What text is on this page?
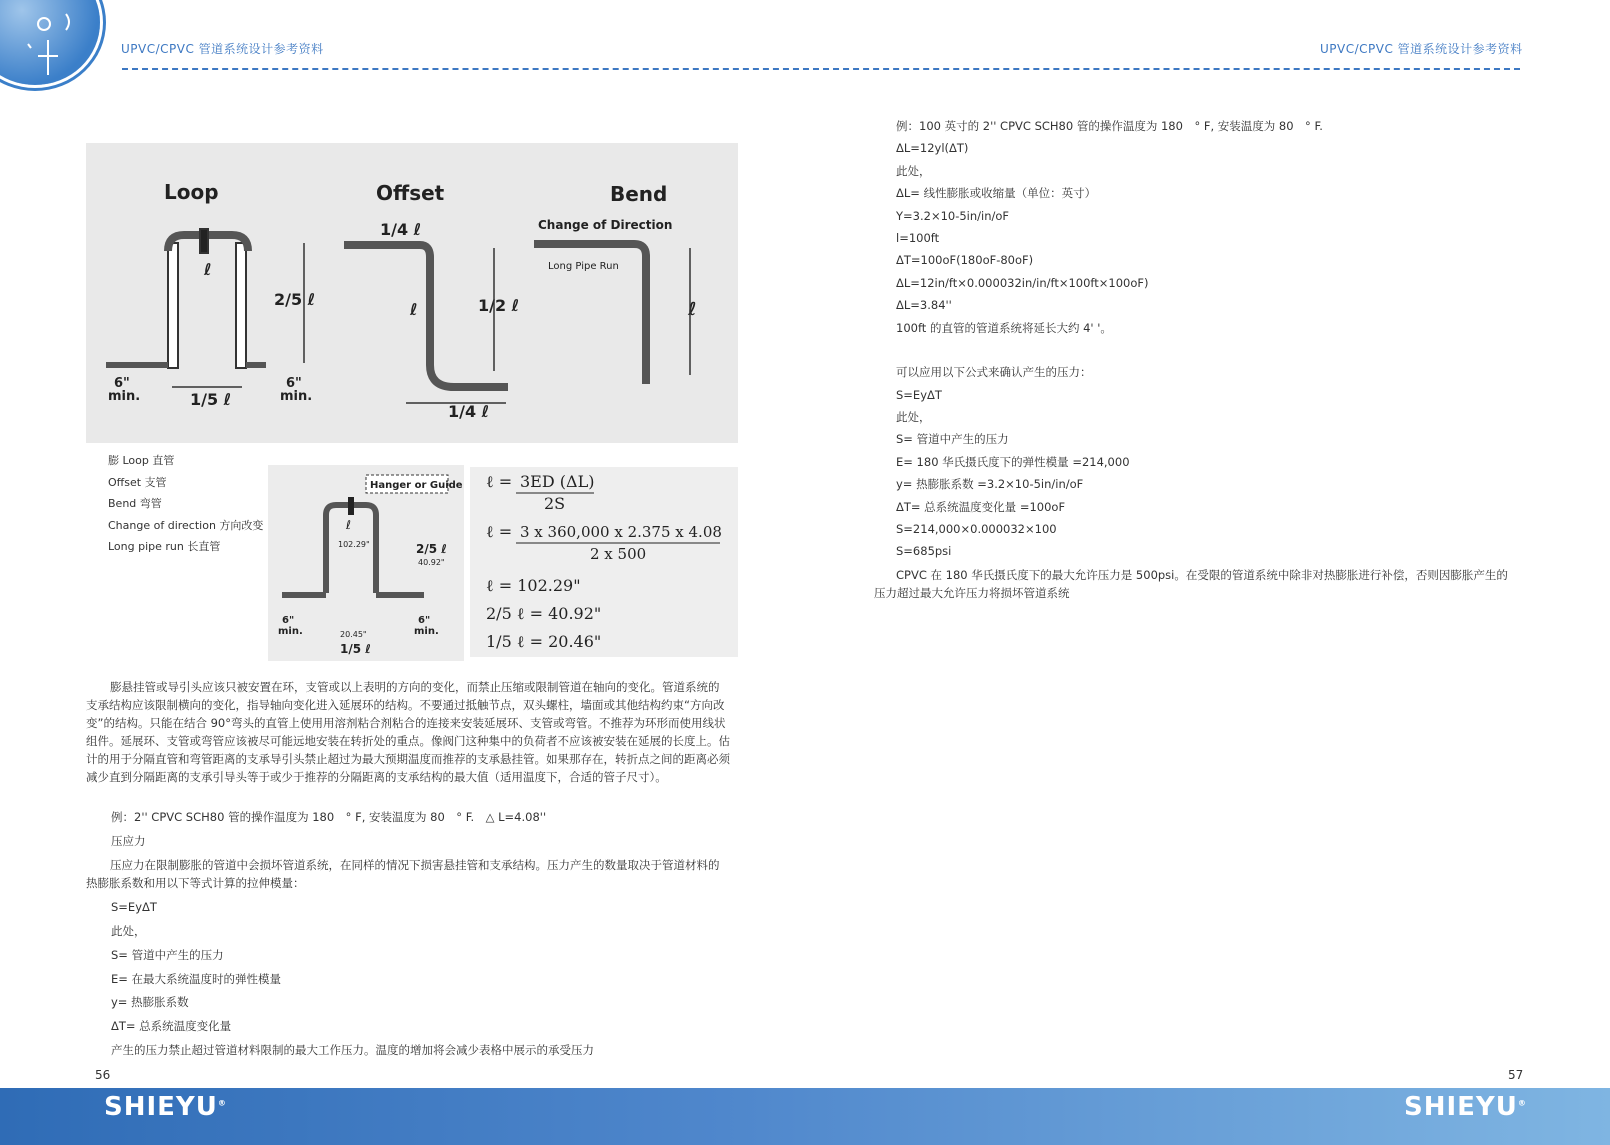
UPVC/CPVC 管道系统设计参考资料	UPVC/CPVC 管道系统设计参考资料
Loop	Offset	Bend
2/5 ℓ
1/5 ℓ
ℓ
6"
min.
6"
min.
1/4 ℓ
1/2 ℓ
ℓ
1/4 ℓ
Change of Direction
Long Pipe Run
ℓ
膨 Loop 直管
Offset 支管
Bend 弯管
Change of direction 方向改变
Long pipe run 长直管
Hanger or Guide
ℓ
102.29"	2/5 ℓ
40.92"
20.45"
1/5 ℓ
6"
min.
6"
min.
ℓ = 3ED (ΔL)
2S
ℓ = 3 x 360,000 x 2.375 x 4.08
2 x 500
ℓ = 102.29"
2/5 ℓ = 40.92"
1/5 ℓ = 20.46"
膨悬挂管或导引头应该只被安置在环，支管或以上表明的方向的变化，而禁止压缩或限制管道在轴向的变化。管道系统的支承结构应该限制横向的变化，指导轴向变化进入延展环的结构。不要通过抵触节点，双头螺柱，墙面或其他结构约束“方向改变”的结构。只能在结合 90°弯头的直管上使用用溶剂粘合剂粘合的连接来安装延展环、支管或弯管。不推荐为环形而使用线状组件。延展环、支管或弯管应该被尽可能远地安装在转折处的重点。像阀门这种集中的负荷者不应该被安装在延展的长度上。估计的用于分隔直管和弯管距离的支承导引头禁止超过为最大预期温度而推荐的支承悬挂管。如果那存在，转折点之间的距离必须减少直到分隔距离的支承引导头等于或少于推荐的分隔距离的支承结构的最大值（适用温度下，合适的管子尺寸）。
例：2'' CPVC SCH80 管的操作温度为 180　° F, 安装温度为 80　° F.　△ L=4.08''
压应力
压应力在限制膨胀的管道中会损坏管道系统，在同样的情况下损害悬挂管和支承结构。压力产生的数量取决于管道材料的热膨胀系数和用以下等式计算的拉伸模量：
S=EyΔT
此处，
S= 管道中产生的压力
E= 在最大系统温度时的弹性模量
y= 热膨胀系数
ΔT= 总系统温度变化量
产生的压力禁止超过管道材料限制的最大工作压力。温度的增加将会减少表格中展示的承受压力
例：100 英寸的 2'' CPVC SCH80 管的操作温度为 180　° F, 安装温度为 80　° F.
ΔL=12yl(ΔT)
此处，
ΔL= 线性膨胀或收缩量（单位：英寸）
Y=3.2×10-5in/in/oF
l=100ft
ΔT=100oF(180oF-80oF)
ΔL=12in/ft×0.000032in/in/ft×100ft×100oF)
ΔL=3.84''
100ft 的直管的管道系统将延长大约 4' '。
可以应用以下公式来确认产生的压力：
S=EyΔT
此处，
S= 管道中产生的压力
E= 180 华氏摄氏度下的弹性模量 =214,000
y= 热膨胀系数 =3.2×10-5in/in/oF
ΔT= 总系统温度变化量 =100oF
S=214,000×0.000032×100
S=685psi
CPVC 在 180 华氏摄氏度下的最大允许压力是 500psi。在受限的管道系统中除非对热膨胀进行补偿，否则因膨胀产生的压力超过最大允许压力将损坏管道系统
56	57
SHIEYU®	SHIEYU®
